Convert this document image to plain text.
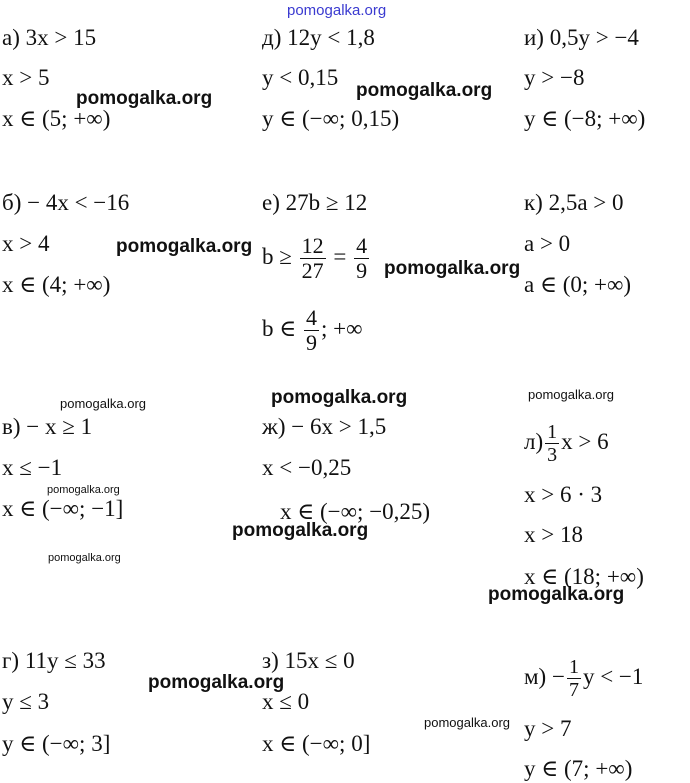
pomogalka.org
а) 3x > 15
x > 5
x ∈ (5; +∞)
д) 12y < 1,8
y < 0,15
y ∈ (−∞; 0,15)
и) 0,5y > −4
y > −8
y ∈ (−8; +∞)
pomogalka.org	pomogalka.org
б) − 4x < −16
x > 4
x ∈ (4; +∞)
е) 27b ≥ 12
$b \ge \frac{12}{27} = \frac{4}{9}$
b ∈ $\frac{4}{9}$ ; +∞
к) 2,5a > 0
a > 0
a ∈ (0; +∞)
pomogalka.org
pomogalka.org
pomogalka.org	pomogalka.org	pomogalka.org
в) − x ≥ 1
x ≤ −1
x ∈ (−∞; −1]
ж) − 6x > 1,5
x < −0,25
x ∈ (−∞; −0,25)
$л) \frac{1}{3}$ x > 6
x > 6 · 3
x > 18
x ∈ (18; +∞)
pomogalka.org
pomogalka.org
pomogalka.org
pomogalka.org
г) 11y ≤ 33
y ≤ 3
y ∈ (−∞; 3]
з) 15x ≤ 0
x ≤ 0
x ∈ (−∞; 0]
$м) - \frac{1}{7}$ y < −1
y > 7
y ∈ (7; +∞)
pomogalka.org
pomogalka.org
